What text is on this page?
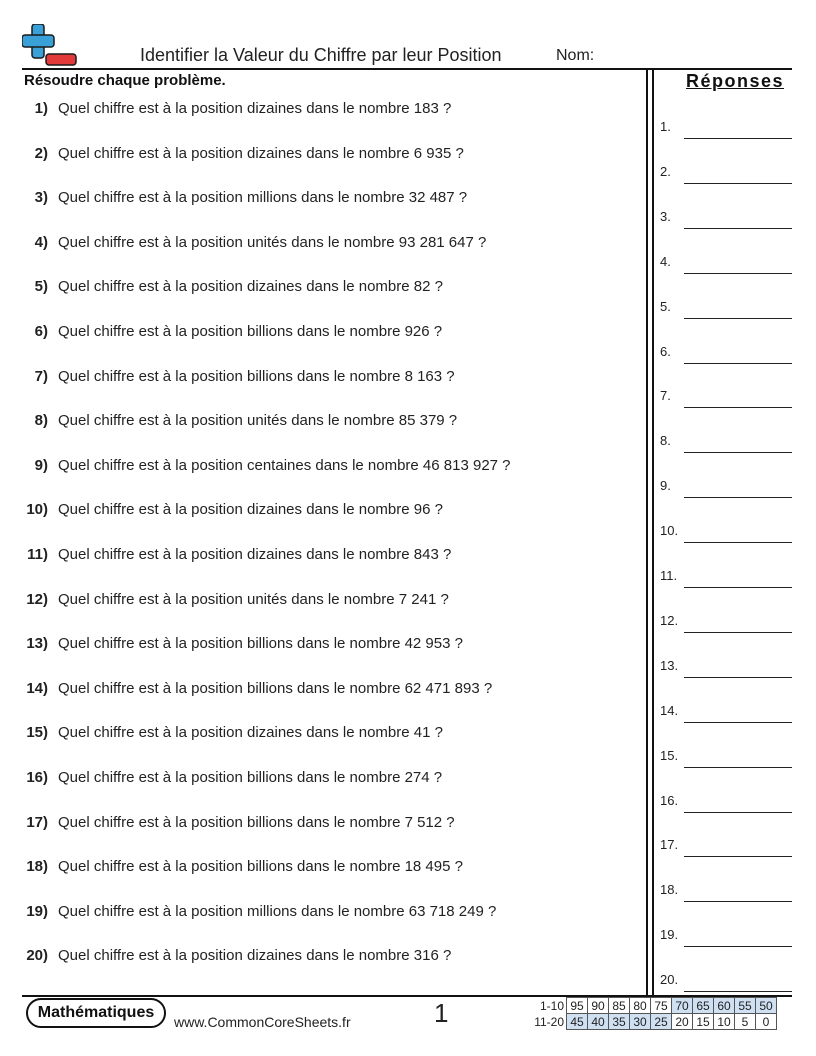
Identifier la Valeur du Chiffre par leur Position	Nom:
Résoudre chaque problème.	Réponses
1) Quel chiffre est à la position dizaines dans le nombre 183 ?
2) Quel chiffre est à la position dizaines dans le nombre 6 935 ?
3) Quel chiffre est à la position millions dans le nombre 32 487 ?
4) Quel chiffre est à la position unités dans le nombre 93 281 647 ?
5) Quel chiffre est à la position dizaines dans le nombre 82 ?
6) Quel chiffre est à la position billions dans le nombre 926 ?
7) Quel chiffre est à la position billions dans le nombre 8 163 ?
8) Quel chiffre est à la position unités dans le nombre 85 379 ?
9) Quel chiffre est à la position centaines dans le nombre 46 813 927 ?
10) Quel chiffre est à la position dizaines dans le nombre 96 ?
11) Quel chiffre est à la position dizaines dans le nombre 843 ?
12) Quel chiffre est à la position unités dans le nombre 7 241 ?
13) Quel chiffre est à la position billions dans le nombre 42 953 ?
14) Quel chiffre est à la position billions dans le nombre 62 471 893 ?
15) Quel chiffre est à la position dizaines dans le nombre 41 ?
16) Quel chiffre est à la position billions dans le nombre 274 ?
17) Quel chiffre est à la position billions dans le nombre 7 512 ?
18) Quel chiffre est à la position billions dans le nombre 18 495 ?
19) Quel chiffre est à la position millions dans le nombre 63 718 249 ?
20) Quel chiffre est à la position dizaines dans le nombre 316 ?
1.
2.
3.
4.
5.
6.
7.
8.
9.
10.
11.
12.
13.
14.
15.
16.
17.
18.
19.
20.
Mathématiques
www.CommonCoreSheets.fr	1	1-10	95	90	85	80	75	70	65	60	55	50
11-20	45	40	35	30	25	20	15	10	5	0
